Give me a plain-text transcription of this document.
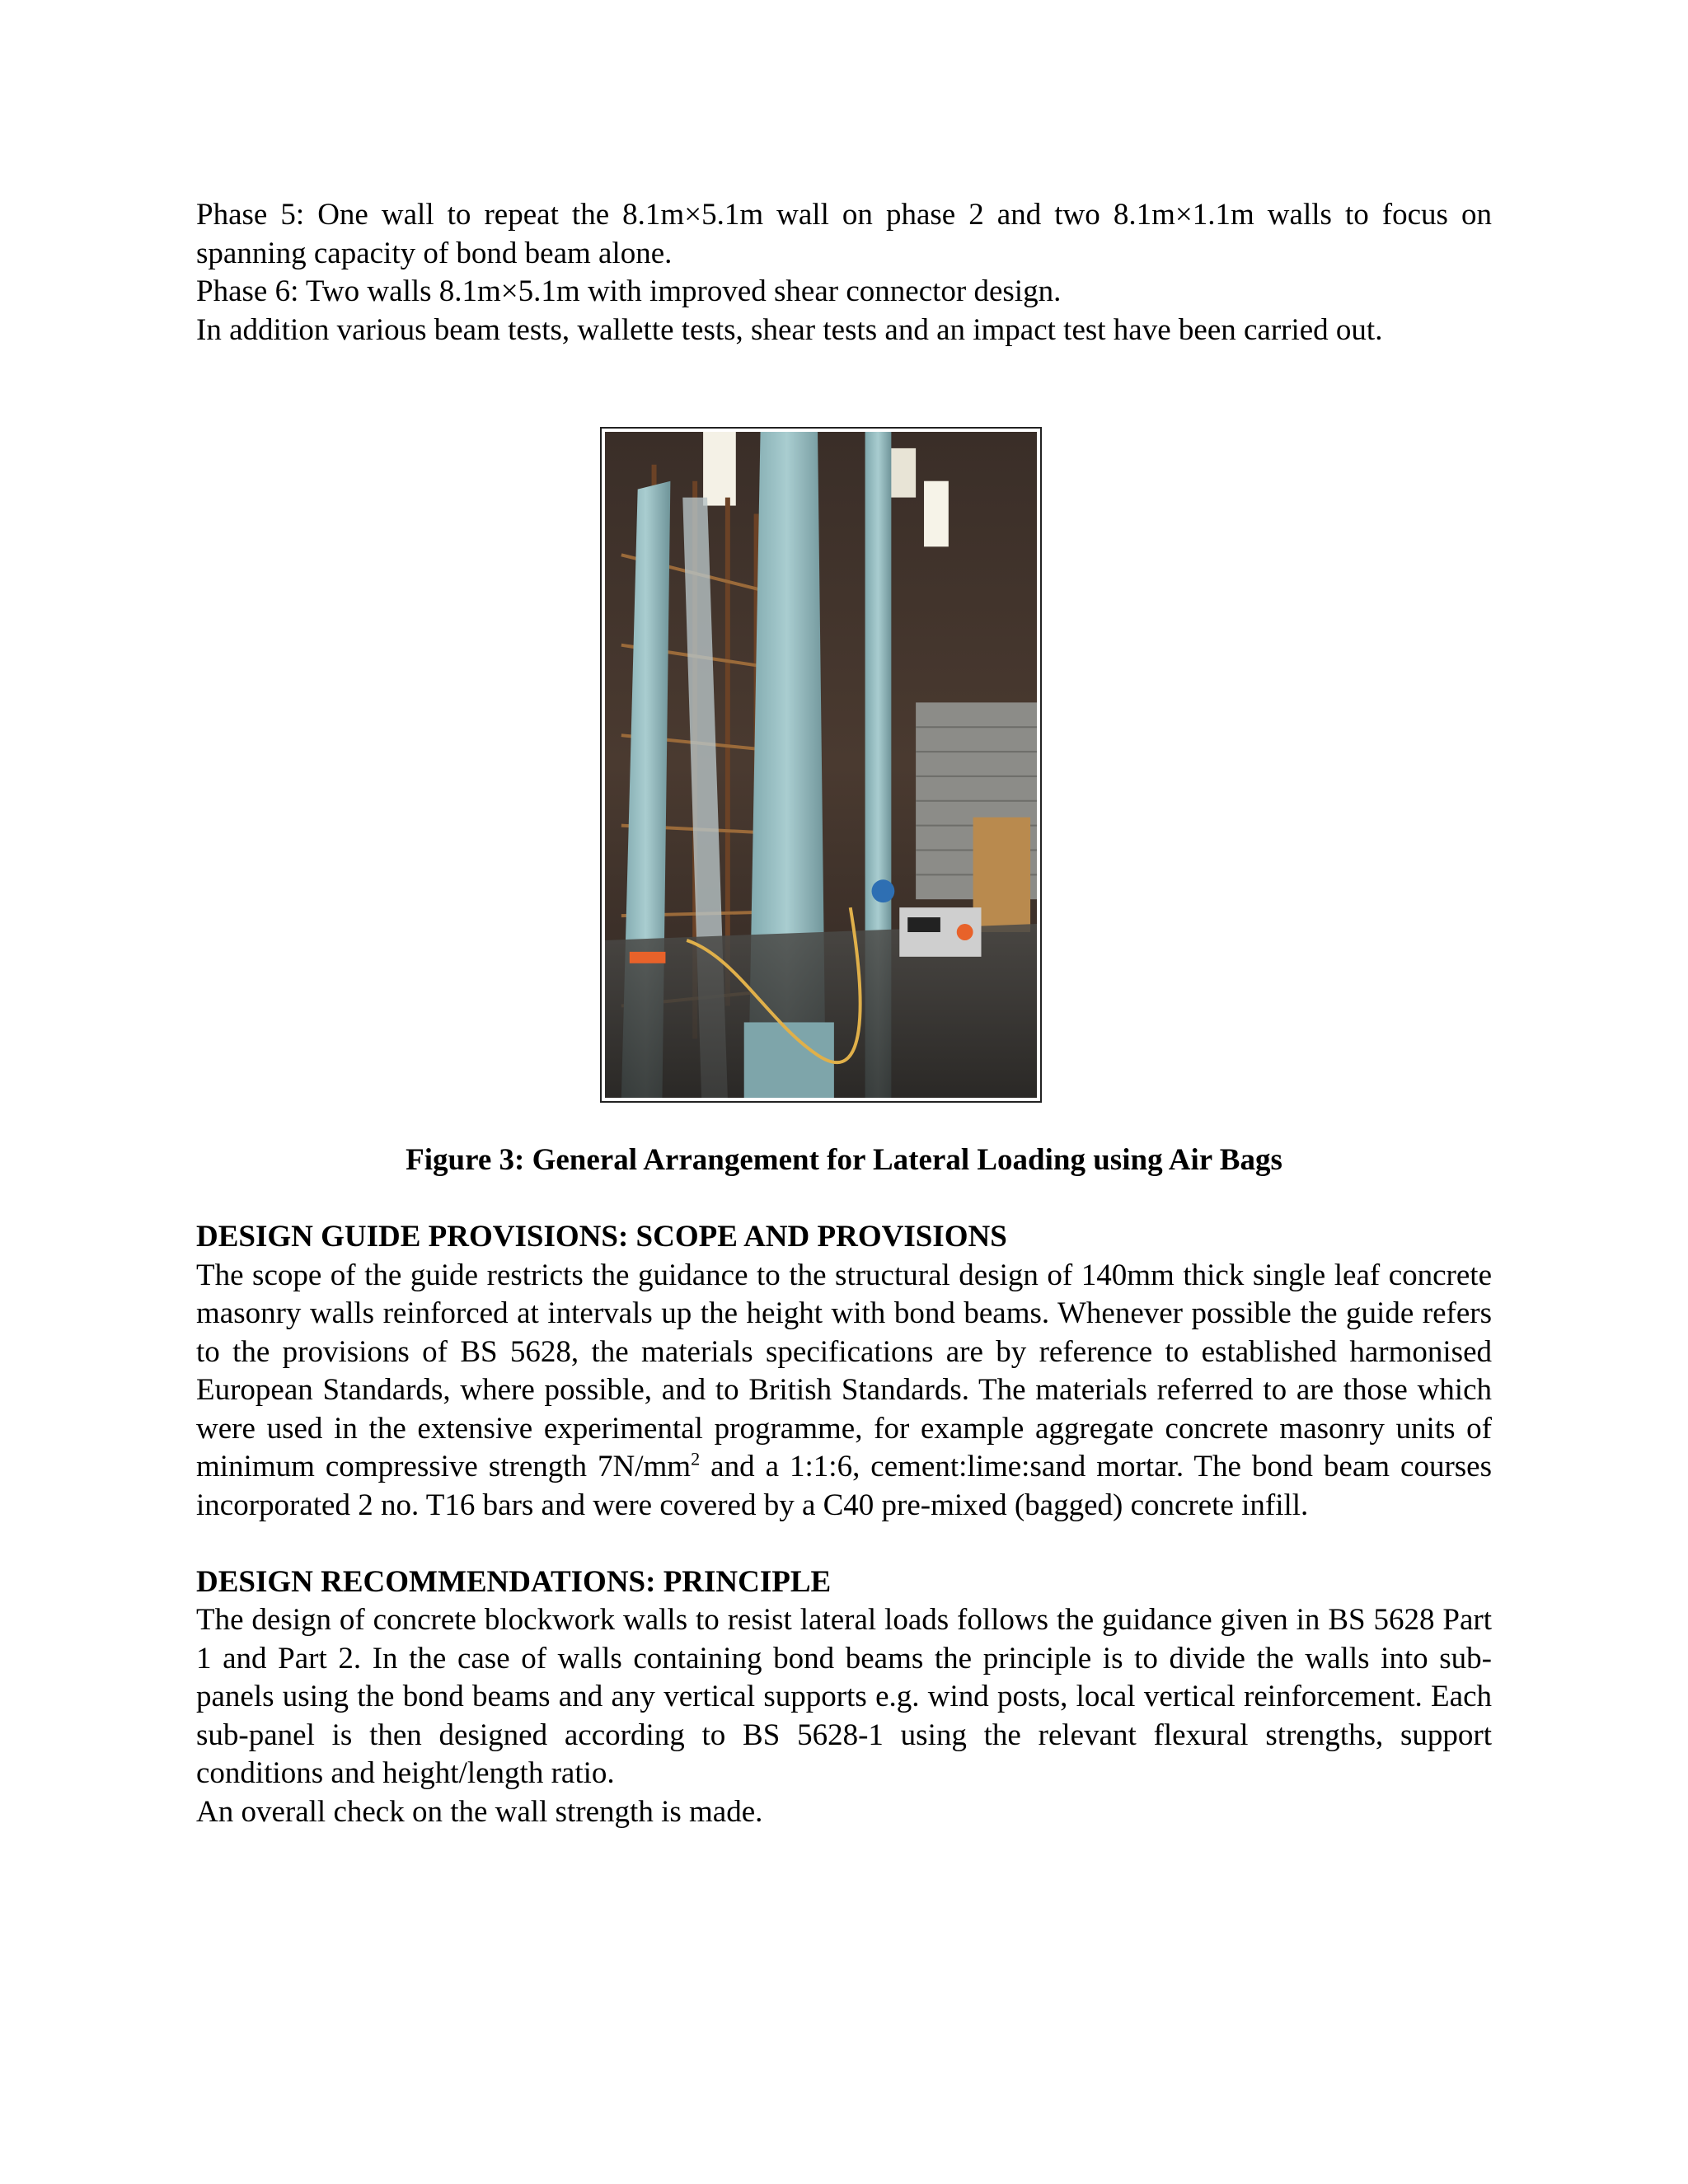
Phase 5: One wall to repeat the 8.1m×5.1m wall on phase 2 and two 8.1m×1.1m walls to focus on spanning capacity of bond beam alone.

Phase 6: Two walls 8.1m×5.1m with improved shear connector design.

In addition various beam tests, wallette tests, shear tests and an impact test have been carried out.

Figure 3: General Arrangement for Lateral Loading using Air Bags
DESIGN GUIDE PROVISIONS: SCOPE AND PROVISIONS

The scope of the guide restricts the guidance to the structural design of 140mm thick single leaf concrete masonry walls reinforced at intervals up the height with bond beams. Whenever possible the guide refers to the provisions of BS 5628, the materials specifications are by reference to established harmonised European Standards, where possible, and to British Standards. The materials referred to are those which were used in the extensive experimental programme, for example aggregate concrete masonry units of minimum compressive strength $7N/mm^2$ and a 1:1:6, cement:lime:sand mortar. The bond beam courses incorporated 2 no. T16 bars and were covered by a C40 pre-mixed (bagged) concrete infill.

DESIGN RECOMMENDATIONS: PRINCIPLE

The design of concrete blockwork walls to resist lateral loads follows the guidance given in BS 5628 Part 1 and Part 2. In the case of walls containing bond beams the principle is to divide the walls into sub-panels using the bond beams and any vertical supports e.g. wind posts, local vertical reinforcement. Each sub-panel is then designed according to BS 5628-1 using the relevant flexural strengths, support conditions and height/length ratio.

An overall check on the wall strength is made.
